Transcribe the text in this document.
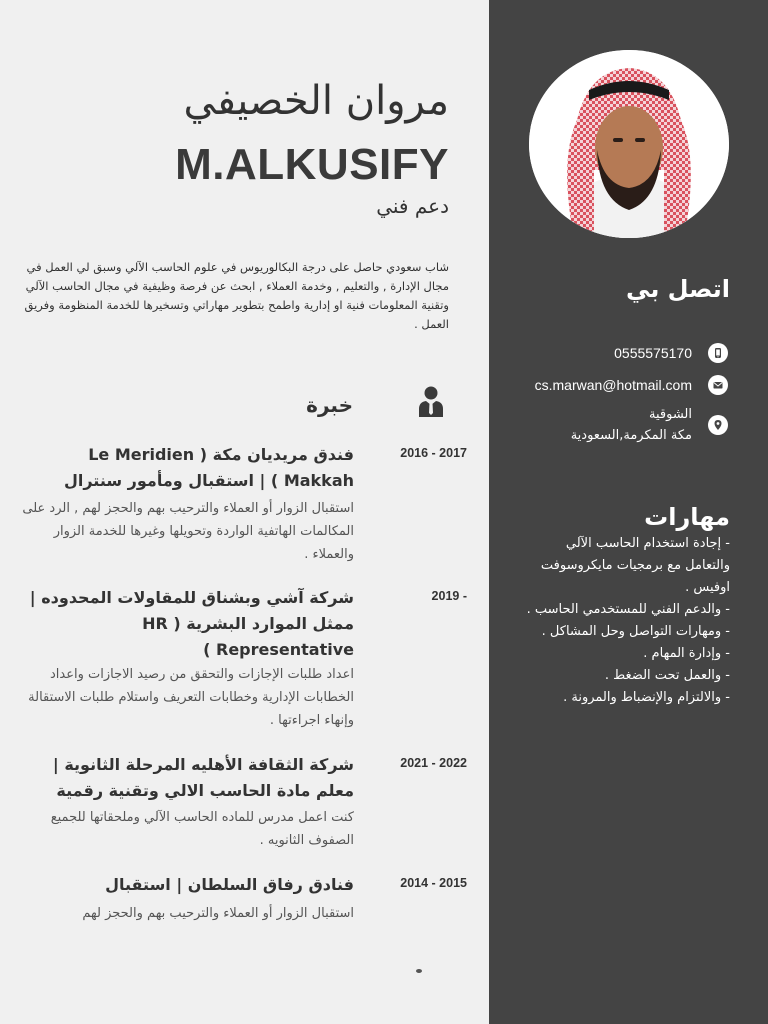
مروان الخصيفي
M.ALKUSIFY
دعم فني

شاب سعودي حاصل على درجة البكالوريوس في علوم الحاسب الآلي وسبق لي العمل في مجال الإدارة , والتعليم , وخدمة العملاء , ابحث عن فرصة وظيفية في مجال الحاسب الآلي وتقنية المعلومات فنية او إدارية واطمح بتطوير مهاراتي وتسخيرها للخدمة المنظومة وفريق العمل .

خبرة
2016 - 2017
فندق مريديان مكة ( Le Meridien Makkah ) | استقبال ومأمور سنترال
استقبال الزوار أو العملاء والترحيب بهم والحجز لهم , الرد على المكالمات الهاتفية الواردة وتحويلها وغيرها للخدمة الزوار والعملاء .
2019 -
شركة آشي وبشناق للمقاولات المحدوده | ممثل الموارد البشرية ( HR Representative )
اعداد طلبات الإجازات والتحقق من رصيد الاجازات واعداد الخطابات الإدارية وخطابات التعريف واستلام طلبات الاستقالة وإنهاء اجراءتها .
2021 - 2022
شركة الثقافة الأهليه المرحلة الثانوية | معلم مادة الحاسب الالي وتقنية رقمية
كنت اعمل مدرس للماده الحاسب الآلي وملحقاتها للجميع الصفوف الثانويه .
2014 - 2015
فنادق رفاق السلطان | استقبال
استقبال الزوار أو العملاء والترحيب بهم والحجز لهم
اتصل بي
0555575170
cs.marwan@hotmail.com
الشوقية
مكة المكرمة,السعودية
مهارات
- إجادة استخدام الحاسب الآلي والتعامل مع برمجيات مايكروسوفت اوفيس .
- والدعم الفني للمستخدمي الحاسب .
- ومهارات التواصل وحل المشاكل .
- وإدارة المهام .
- والعمل تحت الضغط .
- والالتزام والإنضباط والمرونة .
